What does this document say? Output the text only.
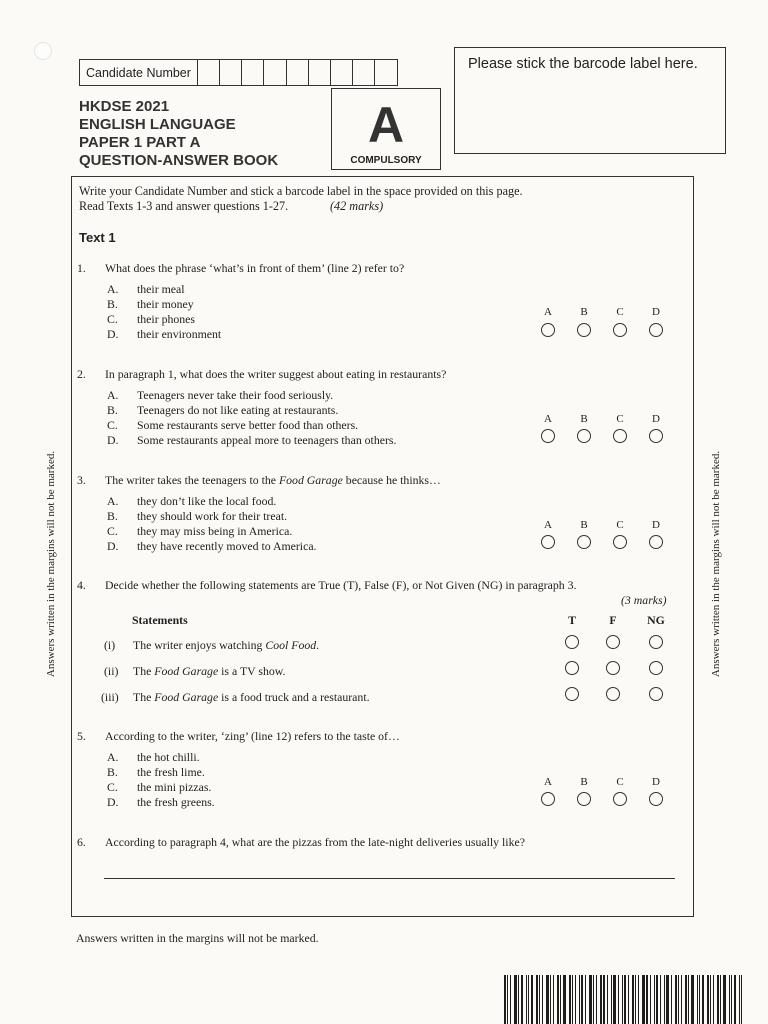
Candidate Number
Please stick the barcode label here.
HKDSE 2021
ENGLISH LANGUAGE
PAPER 1 PART A
QUESTION-ANSWER BOOK
A
COMPULSORY
Write your Candidate Number and stick a barcode label in the space provided on this page.
Read Texts 1-3 and answer questions 1-27.	(42 marks)
Text 1
1. What does the phrase ‘what’s in front of them’ (line 2) refer to?
A. their meal
B. their money
C. their phones
D. their environment
A	B	C	D
2. In paragraph 1, what does the writer suggest about eating in restaurants?
A. Teenagers never take their food seriously.
B. Teenagers do not like eating at restaurants.
C. Some restaurants serve better food than others.
D. Some restaurants appeal more to teenagers than others.
A	B	C	D
3. The writer takes the teenagers to the Food Garage because he thinks…
A. they don’t like the local food.
B. they should work for their treat.
C. they may miss being in America.
D. they have recently moved to America.
A	B	C	D
4. Decide whether the following statements are True (T), False (F), or Not Given (NG) in paragraph 3.
(3 marks)
Statements	T	F	NG
(i) The writer enjoys watching Cool Food.
(ii) The Food Garage is a TV show.
(iii) The Food Garage is a food truck and a restaurant.
5. According to the writer, ‘zing’ (line 12) refers to the taste of…
A. the hot chilli.
B. the fresh lime.
C. the mini pizzas.
D. the fresh greens.
A	B	C	D
6. According to paragraph 4, what are the pizzas from the late-night deliveries usually like?
Answers written in the margins will not be marked.
Answers written in the margins will not be marked.	Answers written in the margins will not be marked.
